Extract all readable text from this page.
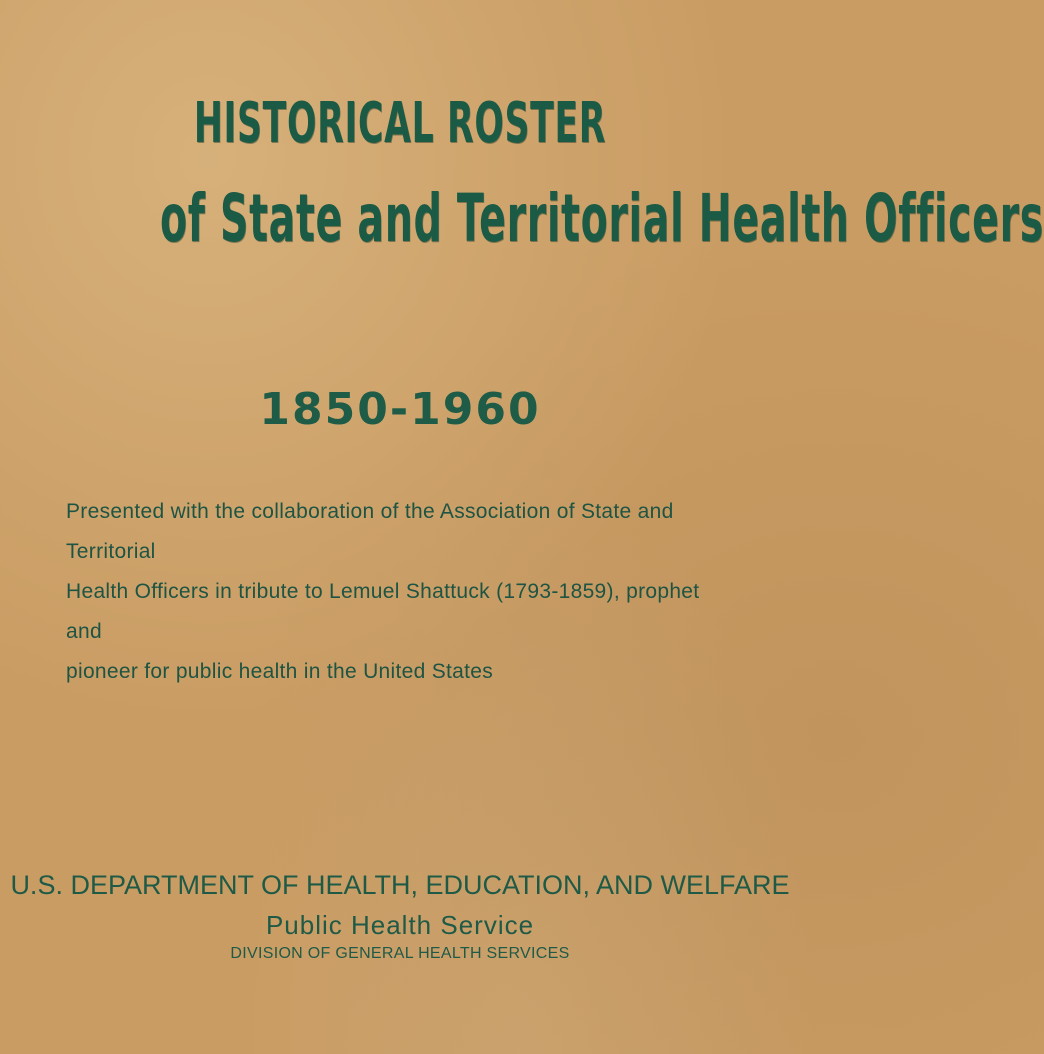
HISTORICAL ROSTER
of State and Territorial Health Officers
1850-1960
Presented with the collaboration of the Association of State and Territorial
Health Officers in tribute to Lemuel Shattuck (1793-1859), prophet and
pioneer for public health in the United States
U.S. DEPARTMENT OF HEALTH, EDUCATION, AND WELFARE
Public Health Service
DIVISION OF GENERAL HEALTH SERVICES
